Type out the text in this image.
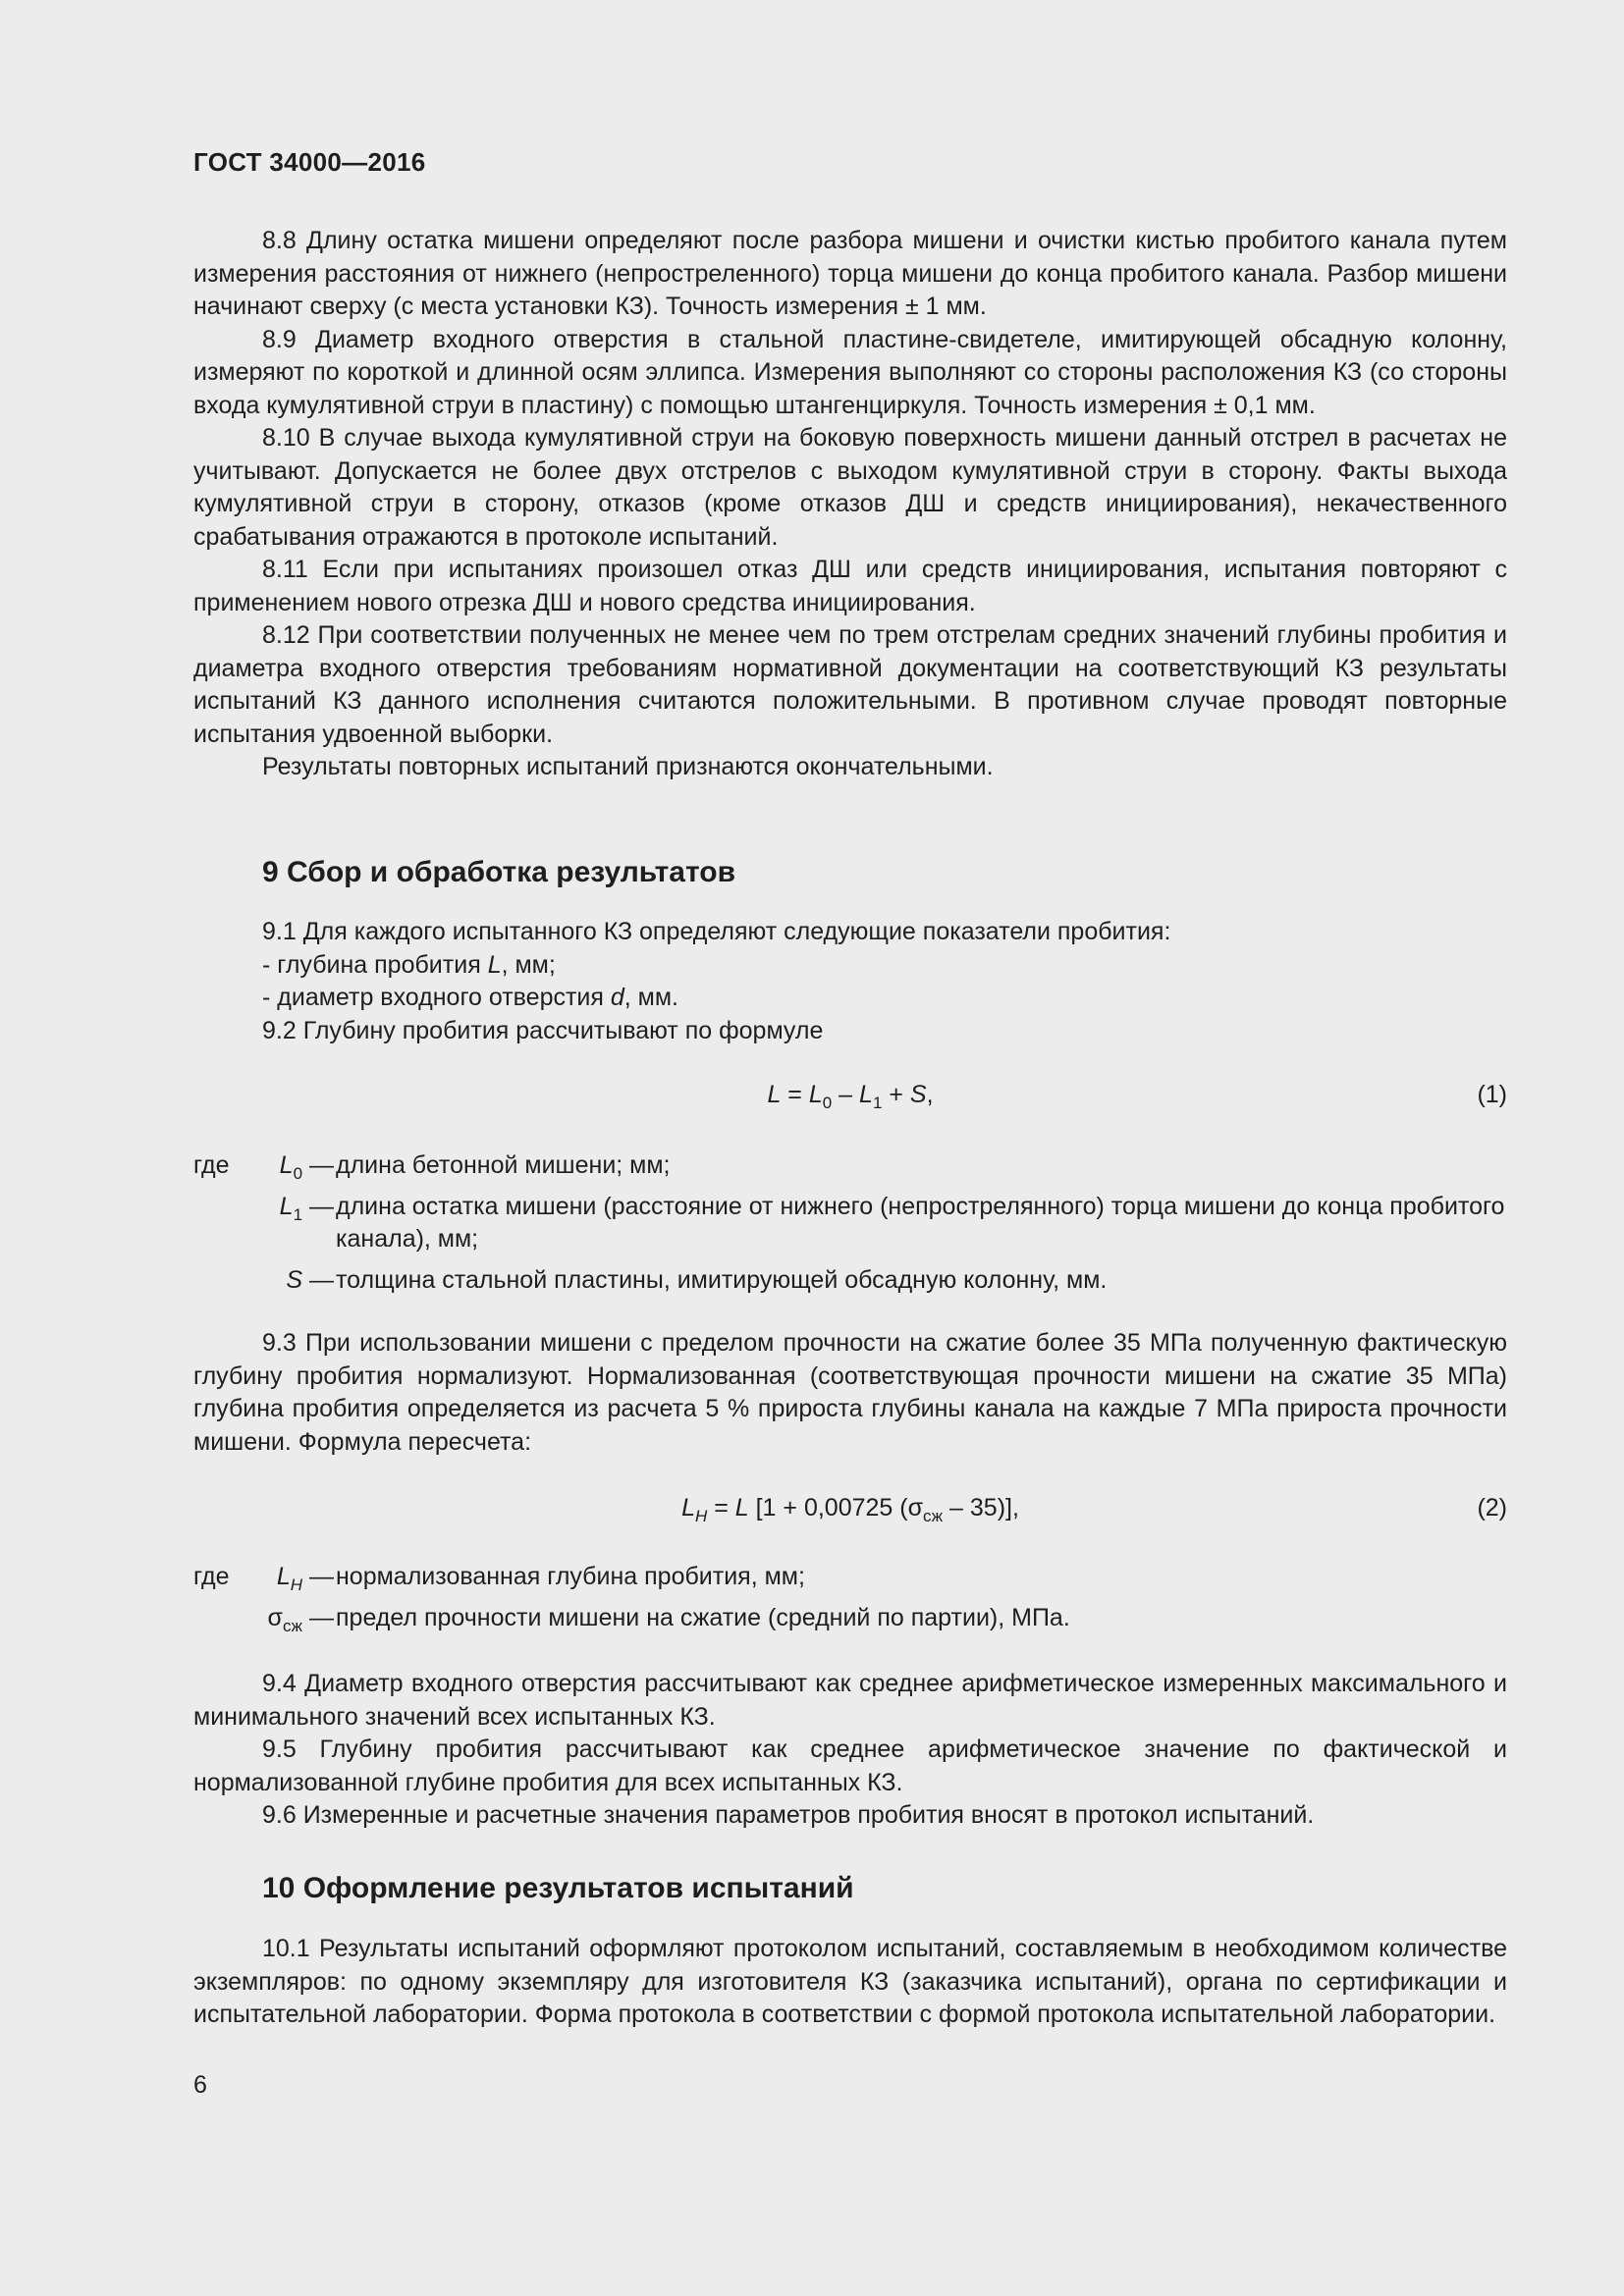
ГОСТ 34000—2016

8.8 Длину остатка мишени определяют после разбора мишени и очистки кистью пробитого канала путем измерения расстояния от нижнего (непростреленного) торца мишени до конца пробитого канала. Разбор мишени начинают сверху (с места установки КЗ). Точность измерения ± 1 мм.

8.9 Диаметр входного отверстия в стальной пластине-свидетеле, имитирующей обсадную колонну, измеряют по короткой и длинной осям эллипса. Измерения выполняют со стороны расположения КЗ (со стороны входа кумулятивной струи в пластину) с помощью штангенциркуля. Точность измерения ± 0,1 мм.

8.10 В случае выхода кумулятивной струи на боковую поверхность мишени данный отстрел в расчетах не учитывают. Допускается не более двух отстрелов с выходом кумулятивной струи в сторону. Факты выхода кумулятивной струи в сторону, отказов (кроме отказов ДШ и средств инициирования), некачественного срабатывания отражаются в протоколе испытаний.

8.11 Если при испытаниях произошел отказ ДШ или средств инициирования, испытания повторяют с применением нового отрезка ДШ и нового средства инициирования.

8.12 При соответствии полученных не менее чем по трем отстрелам средних значений глубины пробития и диаметра входного отверстия требованиям нормативной документации на соответствующий КЗ результаты испытаний КЗ данного исполнения считаются положительными. В противном случае проводят повторные испытания удвоенной выборки.

Результаты повторных испытаний признаются окончательными.

9 Сбор и обработка результатов

9.1 Для каждого испытанного КЗ определяют следующие показатели пробития:

- глубина пробития L, мм;

- диаметр входного отверстия d, мм.

9.2 Глубину пробития рассчитывают по формуле

$L = L_0 - L_1 + S$,	(1)
где $L_0$ — длина бетонной мишени; мм;
$L_1$ — длина остатка мишени (расстояние от нижнего (непрострелянного) торца мишени до конца пробитого канала), мм;
S — толщина стальной пластины, имитирующей обсадную колонну, мм.

9.3 При использовании мишени с пределом прочности на сжатие более 35 МПа полученную фактическую глубину пробития нормализуют. Нормализованная (соответствующая прочности мишени на сжатие 35 МПа) глубина пробития определяется из расчета 5 % прироста глубины канала на каждые 7 МПа прироста прочности мишени. Формула пересчета:

$L_H = L$ [1 + 0,00725 $(\sigma_{сж} - 35)$],	(2)
где $L_H$ — нормализованная глубина пробития, мм;
$\sigma_{сж}$ — предел прочности мишени на сжатие (средний по партии), МПа.

9.4 Диаметр входного отверстия рассчитывают как среднее арифметическое измеренных максимального и минимального значений всех испытанных КЗ.

9.5 Глубину пробития рассчитывают как среднее арифметическое значение по фактической и нормализованной глубине пробития для всех испытанных КЗ.

9.6 Измеренные и расчетные значения параметров пробития вносят в протокол испытаний.

10 Оформление результатов испытаний

10.1 Результаты испытаний оформляют протоколом испытаний, составляемым в необходимом количестве экземпляров: по одному экземпляру для изготовителя КЗ (заказчика испытаний), органа по сертификации и испытательной лаборатории. Форма протокола в соответствии с формой протокола испытательной лаборатории.

6
